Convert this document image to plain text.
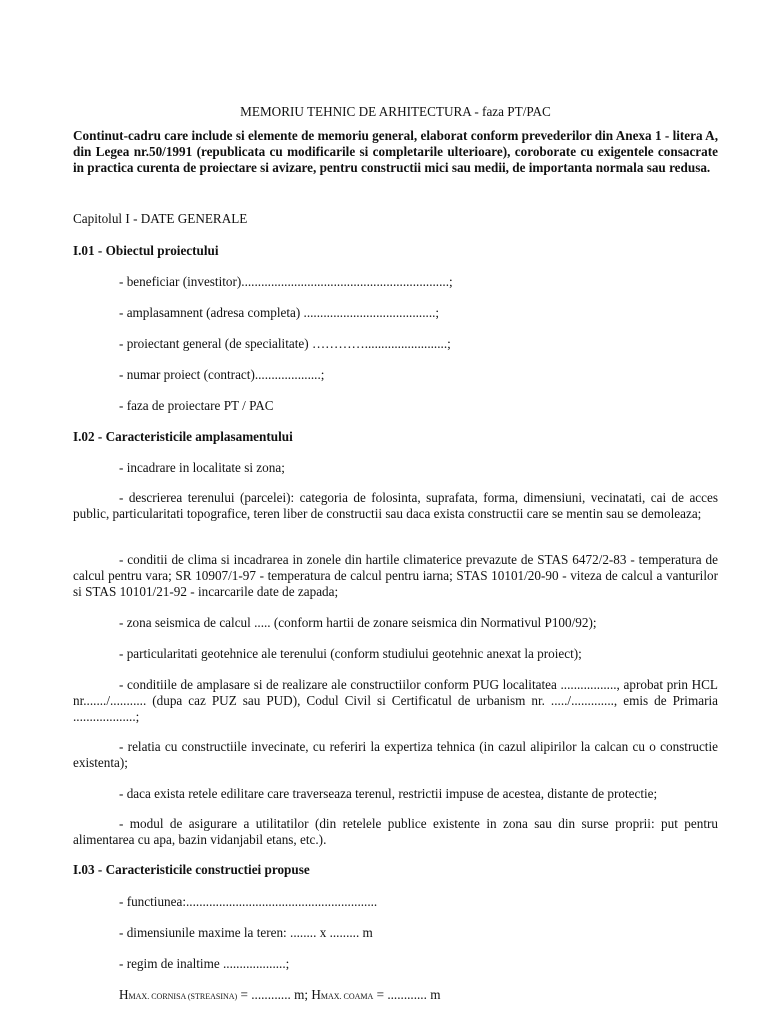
MEMORIU TEHNIC DE ARHITECTURA - faza PT/PAC

Continut-cadru care include si elemente de memoriu general, elaborat conform prevederilor din Anexa 1 - litera A, din Legea nr.50/1991 (republicata cu modificarile si completarile ulterioare), coroborate cu exigentele consacrate in practica curenta de proiectare si avizare, pentru constructii mici sau medii, de importanta normala sau redusa.

Capitolul I - DATE GENERALE

I.01 - Obiectul proiectului

- beneficiar (investitor)...............................................................;

- amplasamnent (adresa completa) ........................................;

- proiectant general (de specialitate) ………….........................;

- numar proiect (contract)....................;

- faza de proiectare PT / PAC

I.02 - Caracteristicile amplasamentului

- incadrare in localitate si zona;

- descrierea terenului (parcelei): categoria de folosinta, suprafata, forma, dimensiuni, vecinatati, cai de acces public, particularitati topografice, teren liber de constructii sau daca exista constructii care se mentin sau se demoleaza;

- conditii de clima si incadrarea in zonele din hartile climaterice prevazute de STAS 6472/2-83 - temperatura de calcul pentru vara; SR 10907/1-97 - temperatura de calcul pentru iarna; STAS 10101/20-90 - viteza de calcul a vanturilor si STAS 10101/21-92 - incarcarile date de zapada;

- zona seismica de calcul ..... (conform hartii de zonare seismica din Normativul P100/92);

- particularitati geotehnice ale terenului (conform studiului geotehnic anexat la proiect);

- conditiile de amplasare si de realizare ale constructiilor conform PUG localitatea ................., aprobat prin HCL nr......./........... (dupa caz PUZ sau PUD), Codul Civil si Certificatul de urbanism nr. ...../............., emis de Primaria ...................;

- relatia cu constructiile invecinate, cu referiri la expertiza tehnica (in cazul alipirilor la calcan cu o constructie existenta);

- daca exista retele edilitare care traverseaza terenul, restrictii impuse de acestea, distante de protectie;

- modul de asigurare a utilitatilor (din retelele publice existente in zona sau din surse proprii: put pentru alimentarea cu apa, bazin vidanjabil etans, etc.).

I.03 - Caracteristicile constructiei propuse

- functiunea:..........................................................

- dimensiunile maxime la teren: ........ x ......... m

- regim de inaltime ...................;

HMAX. CORNISA (STREASINA) = ............ m; HMAX. COAMA = ............ m
